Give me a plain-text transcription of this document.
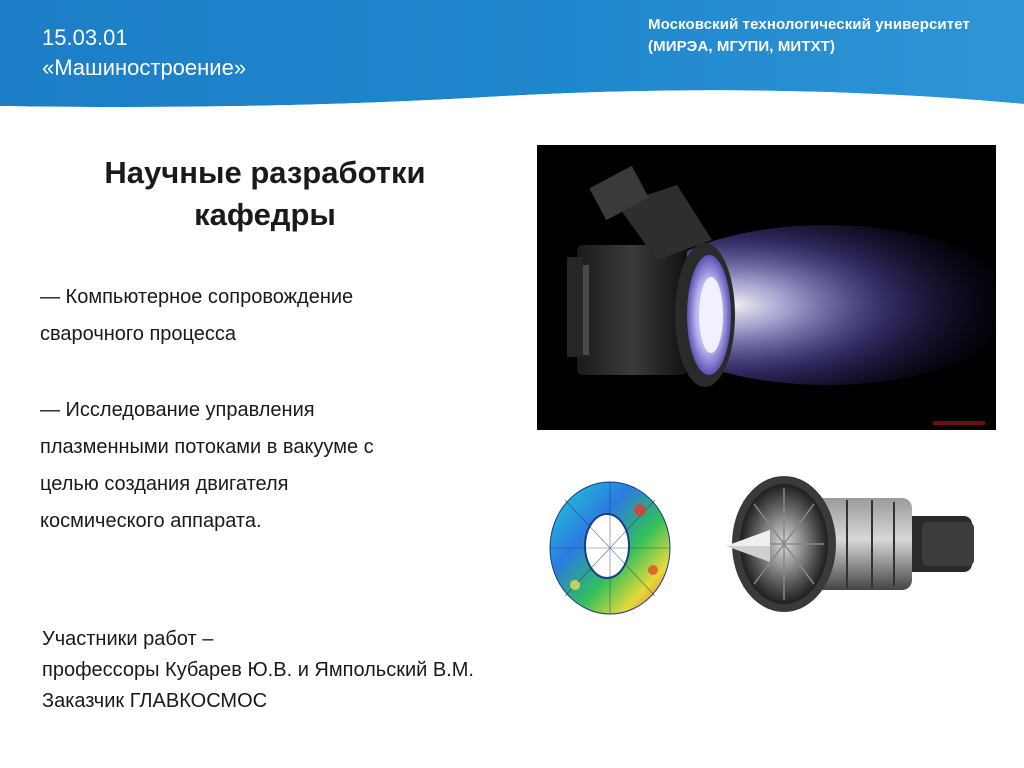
15.03.01
«Машиностроение»
Московский технологический университет
(МИРЭА, МГУПИ, МИТХТ)
Научные разработки
кафедры
— Компьютерное сопровождение
сварочного процесса
— Исследование управления
плазменными потоками в вакууме с
целью создания двигателя
космического аппарата.
Участники работ –
профессоры Кубарев Ю.В. и Ямпольский В.М.
Заказчик ГЛАВКОСМОС
